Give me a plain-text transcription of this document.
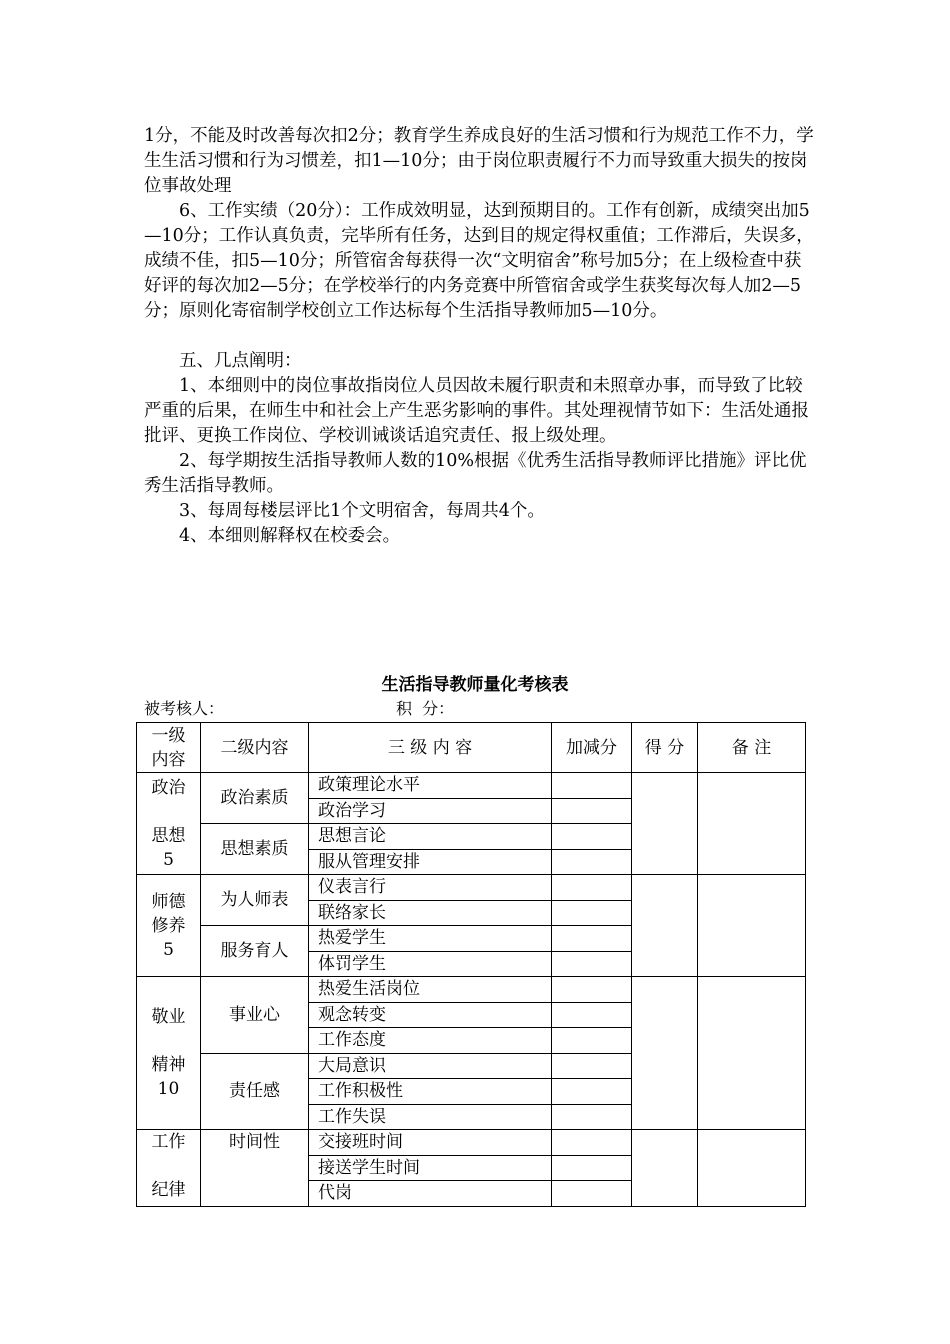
1分，不能及时改善每次扣2分；教育学生养成良好的生活习惯和行为规范工作不力，学生生活习惯和行为习惯差，扣1—10分；由于岗位职责履行不力而导致重大损失的按岗位事故处理

6、工作实绩（20分）：工作成效明显，达到预期目的。工作有创新，成绩突出加5—10分；工作认真负责，完毕所有任务，达到目的规定得权重值；工作滞后，失误多，成绩不佳，扣5—10分；所管宿舍每获得一次“文明宿舍”称号加5分；在上级检查中获好评的每次加2—5分；在学校举行的内务竞赛中所管宿舍或学生获奖每次每人加2—5分；原则化寄宿制学校创立工作达标每个生活指导教师加5—10分。

五、几点阐明：

1、本细则中的岗位事故指岗位人员因故未履行职责和未照章办事，而导致了比较严重的后果，在师生中和社会上产生恶劣影响的事件。其处理视情节如下：生活处通报批评、更换工作岗位、学校训诫谈话追究责任、报上级处理。

2、每学期按生活指导教师人数的10%根据《优秀生活指导教师评比措施》评比优秀生活指导教师。

3、每周每楼层评比1个文明宿舍，每周共4个。

4、本细则解释权在校委会。

生活指导教师量化考核表
被考核人：	积  分：
一级
内容	二级内容	三 级 内 容	加减分	得 分	备 注
政治

思想
5	政治素质	政策理论水平			
		政治学习			
	思想素质	思想言论			
		服从管理安排			
师德
修养
5	为人师表	仪表言行			
		联络家长			
	服务育人	热爱学生			
		体罚学生			
敬业

精神
10	事业心	热爱生活岗位			
		观念转变			
		工作态度			
	责任感	大局意识			
		工作积极性			
		工作失误			
工作

纪律	时间性	交接班时间			
		接送学生时间			
		代岗			
